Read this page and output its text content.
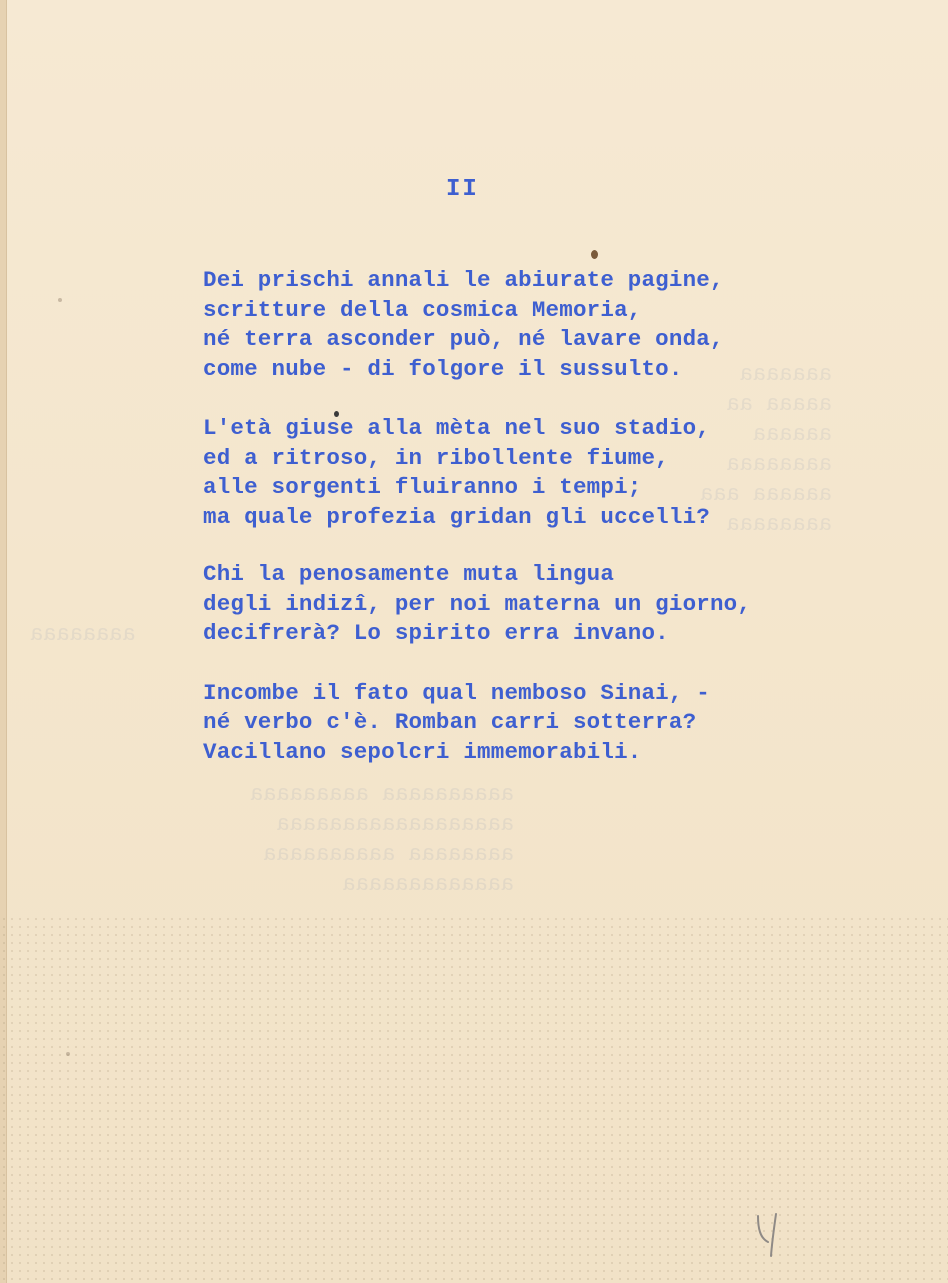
aaaaaaa
aaaaa aa
aaaaaa
aaaaaaaa
aaaaaa aaa
aaaaaaaa
aaaaaaaaaa aaaaaaaaa
aaaaaaaaaaaaaaaaaa
aaaaaaaa aaaaaaaaaa
aaaaaaaaaaaaa
aaaaaaaa
II
Dei prischi annali le abiurate pagine,
scritture della cosmica Memoria,
né terra asconder può, né lavare onda,
come nube - di folgore il sussulto.
L'età giuse alla mèta nel suo stadio,
ed a ritroso, in ribollente fiume,
alle sorgenti fluiranno i tempi;
ma quale profezia gridan gli uccelli?
Chi la penosamente muta lingua
degli indizî, per noi materna un giorno,
decifrerà? Lo spirito erra invano.
Incombe il fato qual nemboso Sinai, -
né verbo c'è. Romban carri sotterra?
Vacillano sepolcri immemorabili.
